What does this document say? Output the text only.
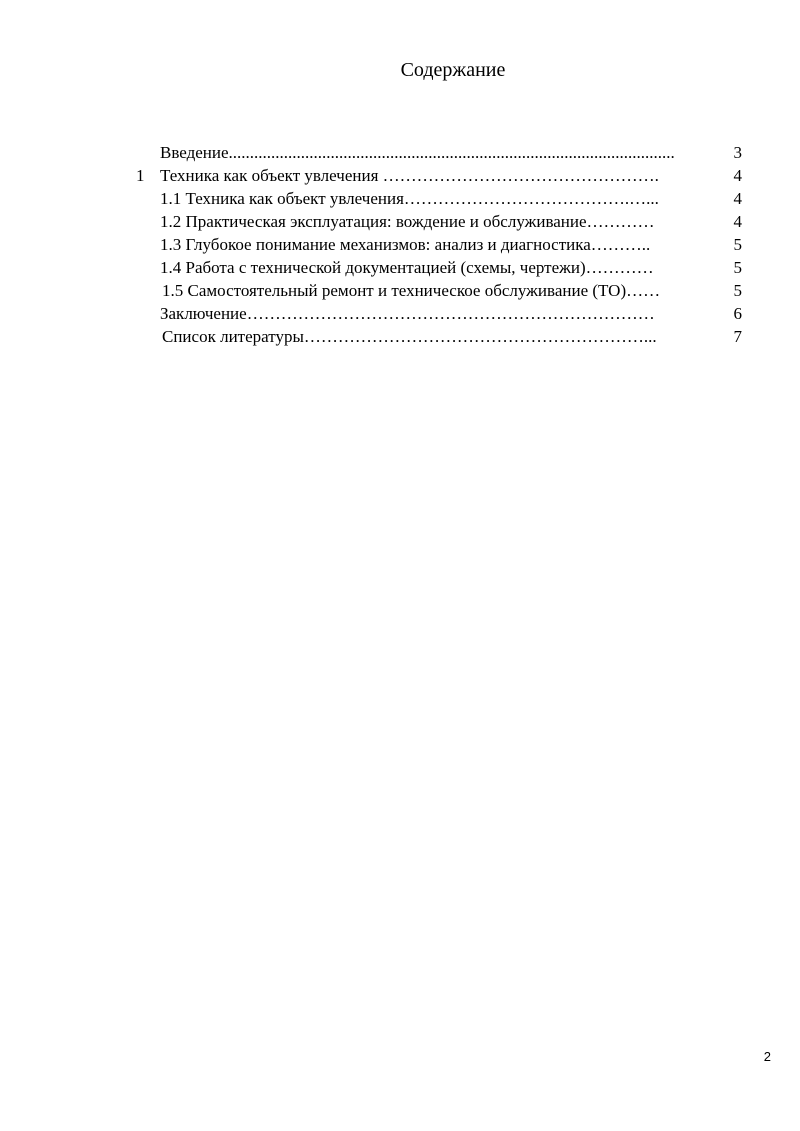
Содержание
Введение.........................................................................................................	3
1 Техника как объект увлечения ………………………………………….	4
1.1 Техника как объект увлечения………………………………….…...	4
1.2 Практическая эксплуатация: вождение и обслуживание…………	4
1.3 Глубокое понимание механизмов: анализ и диагностика………..	5
1.4 Работа с технической документацией (схемы, чертежи)…………	5
1.5 Самостоятельный ремонт и техническое обслуживание (ТО)……	5
Заключение………………………………………………………………	6
Список литературы……………………………………………………...	7
2
